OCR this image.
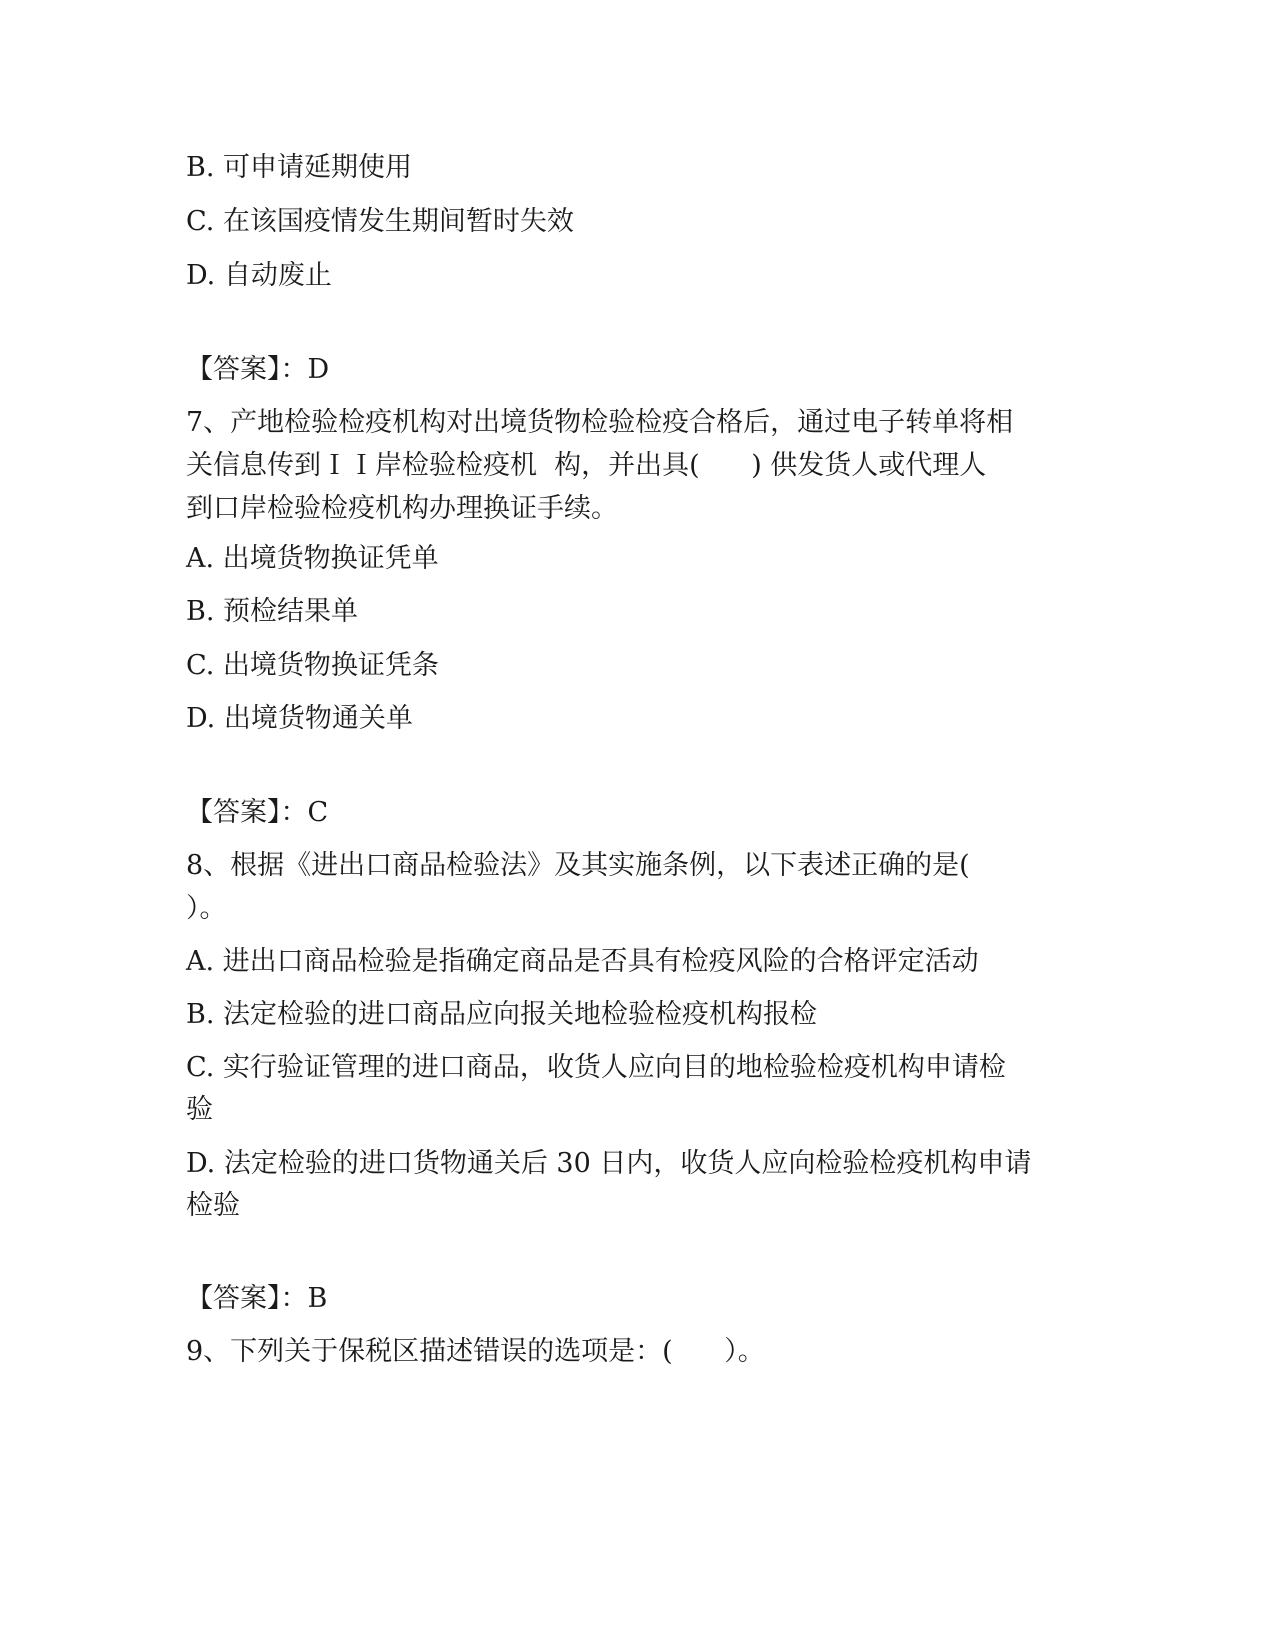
B. 可申请延期使用

C. 在该国疫情发生期间暂时失效

D. 自动废止

【答案】：D

7、产地检验检疫机构对出境货物检验检疫合格后，通过电子转单将相

关信息传到ＩＩ岸检验检疫机  构，并出具(      ) 供发货人或代理人

到口岸检验检疫机构办理换证手续。

A. 出境货物换证凭单

B. 预检结果单

C. 出境货物换证凭条

D. 出境货物通关单

【答案】：C

8、根据《进出口商品检验法》及其实施条例，以下表述正确的是(

）。

A. 进出口商品检验是指确定商品是否具有检疫风险的合格评定活动

B. 法定检验的进口商品应向报关地检验检疫机构报检

C. 实行验证管理的进口商品，收货人应向目的地检验检疫机构申请检

验

D. 法定检验的进口货物通关后 30 日内，收货人应向检验检疫机构申请

检验

【答案】：B

9、下列关于保税区描述错误的选项是：(      ）。
